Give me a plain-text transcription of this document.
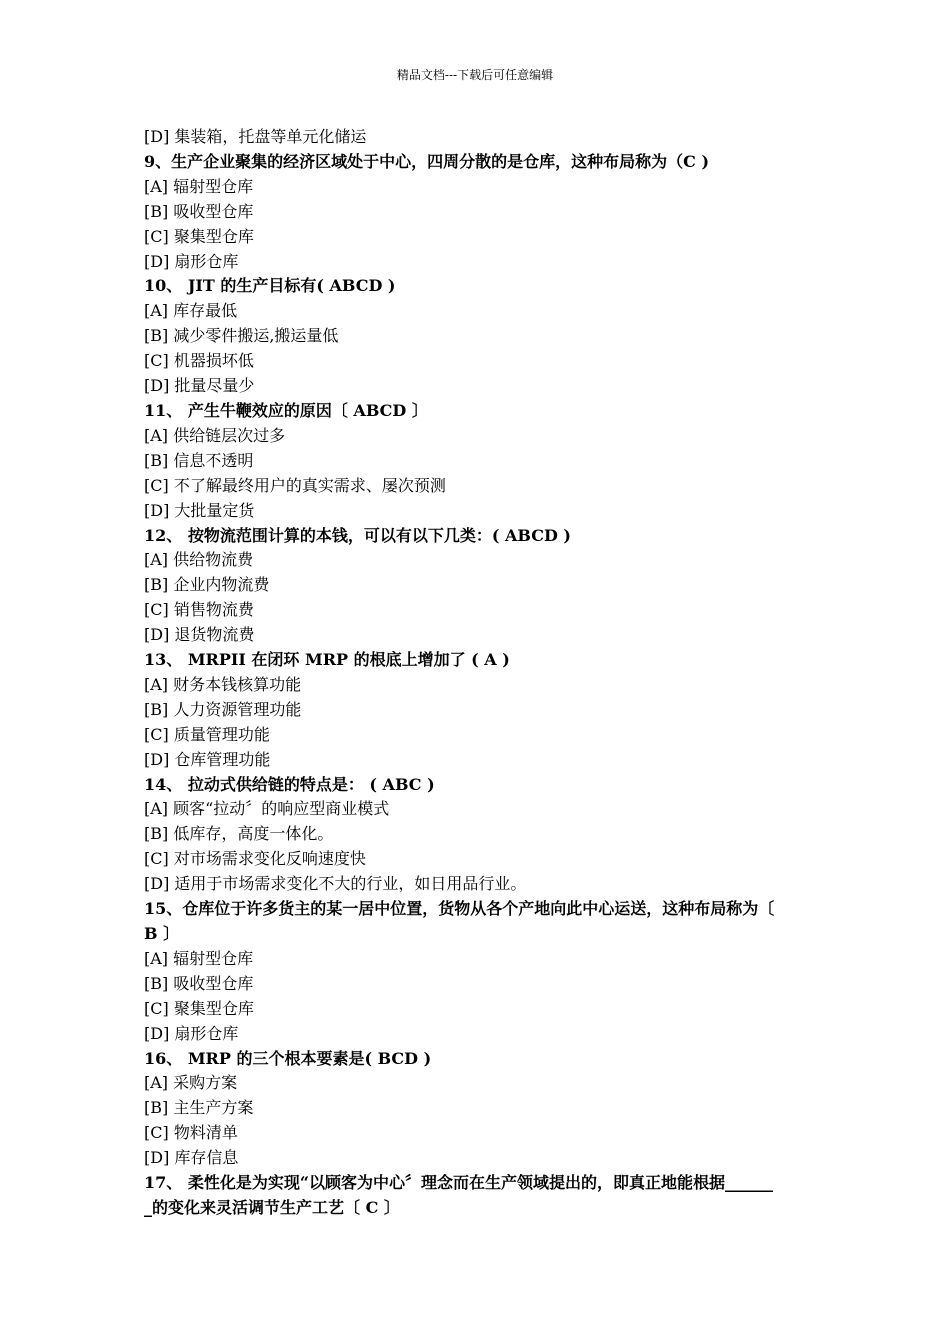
精品文档---下载后可任意编辑

[D] 集装箱，托盘等单元化储运

9、生产企业聚集的经济区域处于中心，四周分散的是仓库，这种布局称为（C )

[A] 辐射型仓库

[B] 吸收型仓库

[C] 聚集型仓库

[D] 扇形仓库

10、 JIT 的生产目标有( ABCD )

[A] 库存最低

[B] 减少零件搬运,搬运量低

[C] 机器损坏低

[D] 批量尽量少

11、 产生牛鞭效应的原因〔 ABCD 〕

[A] 供给链层次过多

[B] 信息不透明

[C] 不了解最终用户的真实需求、屡次预测

[D] 大批量定货

12、 按物流范围计算的本钱，可以有以下几类：( ABCD )

[A] 供给物流费

[B] 企业内物流费

[C] 销售物流费

[D] 退货物流费

13、 MRPII 在闭环 MRP 的根底上增加了 ( A )

[A] 财务本钱核算功能

[B] 人力资源管理功能

[C] 质量管理功能

[D] 仓库管理功能

14、 拉动式供给链的特点是： ( ABC )

[A] 顾客“拉动〞的响应型商业模式

[B] 低库存，高度一体化。

[C] 对市场需求变化反响速度快

[D] 适用于市场需求变化不大的行业，如日用品行业。

15、仓库位于许多货主的某一居中位置，货物从各个产地向此中心运送，这种布局称为〔

B 〕

[A] 辐射型仓库

[B] 吸收型仓库

[C] 聚集型仓库

[D] 扇形仓库

16、 MRP 的三个根本要素是( BCD )

[A] 采购方案

[B] 主生产方案

[C] 物料清单

[D] 库存信息

17、 柔性化是为实现“以顾客为中心〞理念而在生产领域提出的，即真正地能根据______

_的变化来灵活调节生产工艺〔 C 〕
